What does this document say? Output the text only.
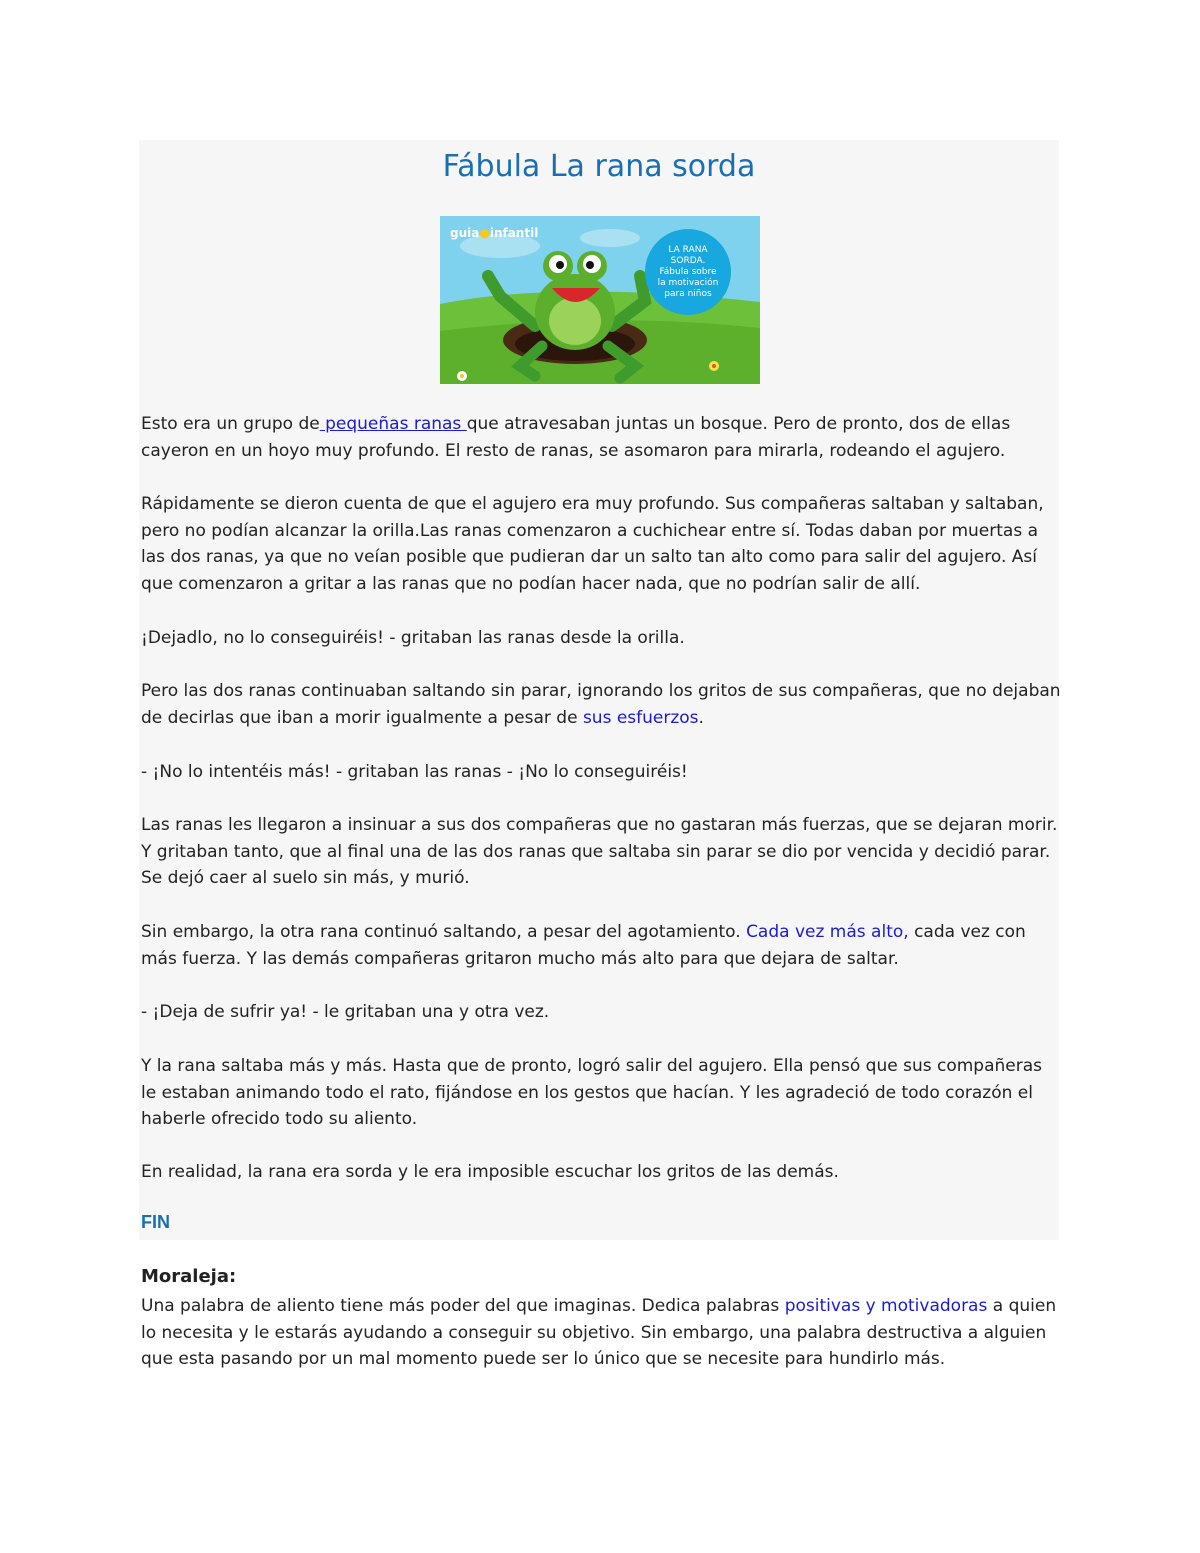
Fábula La rana sorda
LA RANA
SORDA.
Fábula sobre
la motivación
para niños
guia●infantil

Esto era un grupo de pequeñas ranas que atravesaban juntas un bosque. Pero de pronto, dos de ellas cayeron en un hoyo muy profundo. El resto de ranas, se asomaron para mirarla, rodeando el agujero.

Rápidamente se dieron cuenta de que el agujero era muy profundo. Sus compañeras saltaban y saltaban, pero no podían alcanzar la orilla.Las ranas comenzaron a cuchichear entre sí. Todas daban por muertas a las dos ranas, ya que no veían posible que pudieran dar un salto tan alto como para salir del agujero. Así que comenzaron a gritar a las ranas que no podían hacer nada, que no podrían salir de allí.

¡Dejadlo, no lo conseguiréis! - gritaban las ranas desde la orilla.

Pero las dos ranas continuaban saltando sin parar, ignorando los gritos de sus compañeras, que no dejaban de decirlas que iban a morir igualmente a pesar de sus esfuerzos.

- ¡No lo intentéis más! - gritaban las ranas - ¡No lo conseguiréis!

Las ranas les llegaron a insinuar a sus dos compañeras que no gastaran más fuerzas, que se dejaran morir. Y gritaban tanto, que al final una de las dos ranas que saltaba sin parar se dio por vencida y decidió parar. Se dejó caer al suelo sin más, y murió.

Sin embargo, la otra rana continuó saltando, a pesar del agotamiento. Cada vez más alto, cada vez con más fuerza. Y las demás compañeras gritaron mucho más alto para que dejara de saltar.

- ¡Deja de sufrir ya! - le gritaban una y otra vez.

Y la rana saltaba más y más. Hasta que de pronto, logró salir del agujero. Ella pensó que sus compañeras le estaban animando todo el rato, fijándose en los gestos que hacían. Y les agradeció de todo corazón el haberle ofrecido todo su aliento.

En realidad, la rana era sorda y le era imposible escuchar los gritos de las demás.

FIN
Moraleja:

Una palabra de aliento tiene más poder del que imaginas. Dedica palabras positivas y motivadoras a quien lo necesita y le estarás ayudando a conseguir su objetivo. Sin embargo, una palabra destructiva a alguien que esta pasando por un mal momento puede ser lo único que se necesite para hundirlo más.
